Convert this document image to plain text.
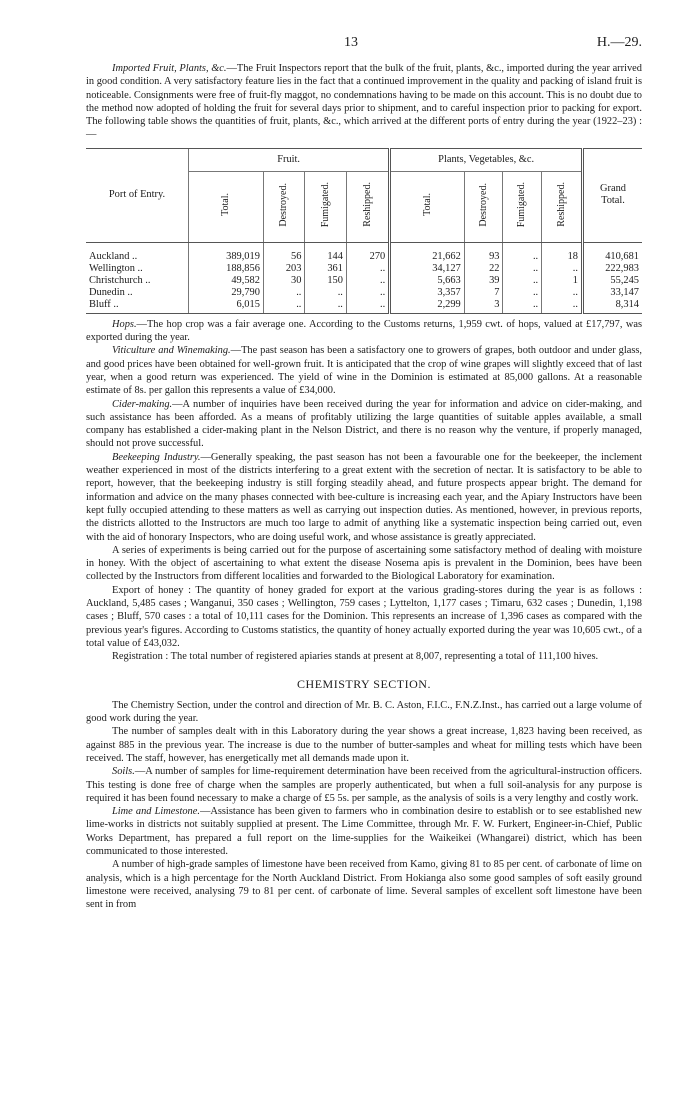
13	H.—29.

Imported Fruit, Plants, &c.—The Fruit Inspectors report that the bulk of the fruit, plants, &c., imported during the year arrived in good condition. A very satisfactory feature lies in the fact that a continued improvement in the quality and packing of island fruit is noticeable. Consignments were free of fruit-fly maggot, no condemnations having to be made on this account. This is no doubt due to the method now adopted of holding the fruit for several days prior to shipment, and to careful inspection prior to packing for export. The following table shows the quantities of fruit, plants, &c., which arrived at the different ports of entry during the year (1922–23) :—

Port of Entry.	Fruit.				Plants, Vegetables, &c.				Grand Total.
	Total.	Destroyed.	Fumigated.	Reshipped.	Total.	Destroyed.	Fumigated.	Reshipped.	
Auckland ..	389,019	56	144	270	21,662	93	..	18	410,681
Wellington ..	188,856	203	361	..	34,127	22	..	..	222,983
Christchurch ..	49,582	30	150	..	5,663	39	..	1	55,245
Dunedin ..	29,790	..	..	..	3,357	7	..	..	33,147
Bluff ..	6,015	..	..	..	2,299	3	..	..	8,314

Hops.—The hop crop was a fair average one. According to the Customs returns, 1,959 cwt. of hops, valued at £17,797, was exported during the year.

Viticulture and Winemaking.—The past season has been a satisfactory one to growers of grapes, both outdoor and under glass, and good prices have been obtained for well-grown fruit. It is anticipated that the crop of wine grapes will slightly exceed that of last year, when a good return was experienced. The yield of wine in the Dominion is estimated at 85,000 gallons. At a reasonable estimate of 8s. per gallon this represents a value of £34,000.

Cider-making.—A number of inquiries have been received during the year for information and advice on cider-making, and such assistance has been afforded. As a means of profitably utilizing the large quantities of suitable apples available, a small company has established a cider-making plant in the Nelson District, and there is no reason why the venture, if properly managed, should not prove successful.

Beekeeping Industry.—Generally speaking, the past season has not been a favourable one for the beekeeper, the inclement weather experienced in most of the districts interfering to a great extent with the secretion of nectar. It is satisfactory to be able to report, however, that the beekeeping industry is still forging steadily ahead, and future prospects appear bright. The demand for information and advice on the many phases connected with bee-culture is increasing each year, and the Apiary Instructors have been kept fully occupied attending to these matters as well as carrying out inspection duties. As mentioned, however, in previous reports, the districts allotted to the Instructors are much too large to admit of anything like a systematic inspection being carried out, even with the aid of honorary Inspectors, who are doing useful work, and whose assistance is greatly appreciated.

A series of experiments is being carried out for the purpose of ascertaining some satisfactory method of dealing with moisture in honey. With the object of ascertaining to what extent the disease Nosema apis is prevalent in the Dominion, bees have been collected by the Instructors from different localities and forwarded to the Biological Laboratory for examination.

Export of honey : The quantity of honey graded for export at the various grading-stores during the year is as follows : Auckland, 5,485 cases ; Wanganui, 350 cases ; Wellington, 759 cases ; Lyttelton, 1,177 cases ; Timaru, 632 cases ; Dunedin, 1,198 cases ; Bluff, 570 cases : a total of 10,111 cases for the Dominion. This represents an increase of 1,396 cases as compared with the previous year's figures. According to Customs statistics, the quantity of honey actually exported during the year was 10,605 cwt., of a total value of £43,032.

Registration : The total number of registered apiaries stands at present at 8,007, representing a total of 111,100 hives.

CHEMISTRY SECTION.

The Chemistry Section, under the control and direction of Mr. B. C. Aston, F.I.C., F.N.Z.Inst., has carried out a large volume of good work during the year.

The number of samples dealt with in this Laboratory during the year shows a great increase, 1,823 having been received, as against 885 in the previous year. The increase is due to the number of butter-samples and wheat for milling tests which have been received. The staff, however, has energetically met all demands made upon it.

Soils.—A number of samples for lime-requirement determination have been received from the agricultural-instruction officers. This testing is done free of charge when the samples are properly authenticated, but when a full soil-analysis for any purpose is required it has been found necessary to make a charge of £5 5s. per sample, as the analysis of soils is a very lengthy and costly work.

Lime and Limestone.—Assistance has been given to farmers who in combination desire to establish or to see established new lime-works in districts not suitably supplied at present. The Lime Committee, through Mr. F. W. Furkert, Engineer-in-Chief, Public Works Department, has prepared a full report on the lime-supplies for the Waikeikei (Whangarei) district, which has been communicated to those interested.

A number of high-grade samples of limestone have been received from Kamo, giving 81 to 85 per cent. of carbonate of lime on analysis, which is a high percentage for the North Auckland District. From Hokianga also some good samples of soft easily ground limestone were received, analysing 79 to 81 per cent. of carbonate of lime. Several samples of excellent soft limestone have been sent in from
